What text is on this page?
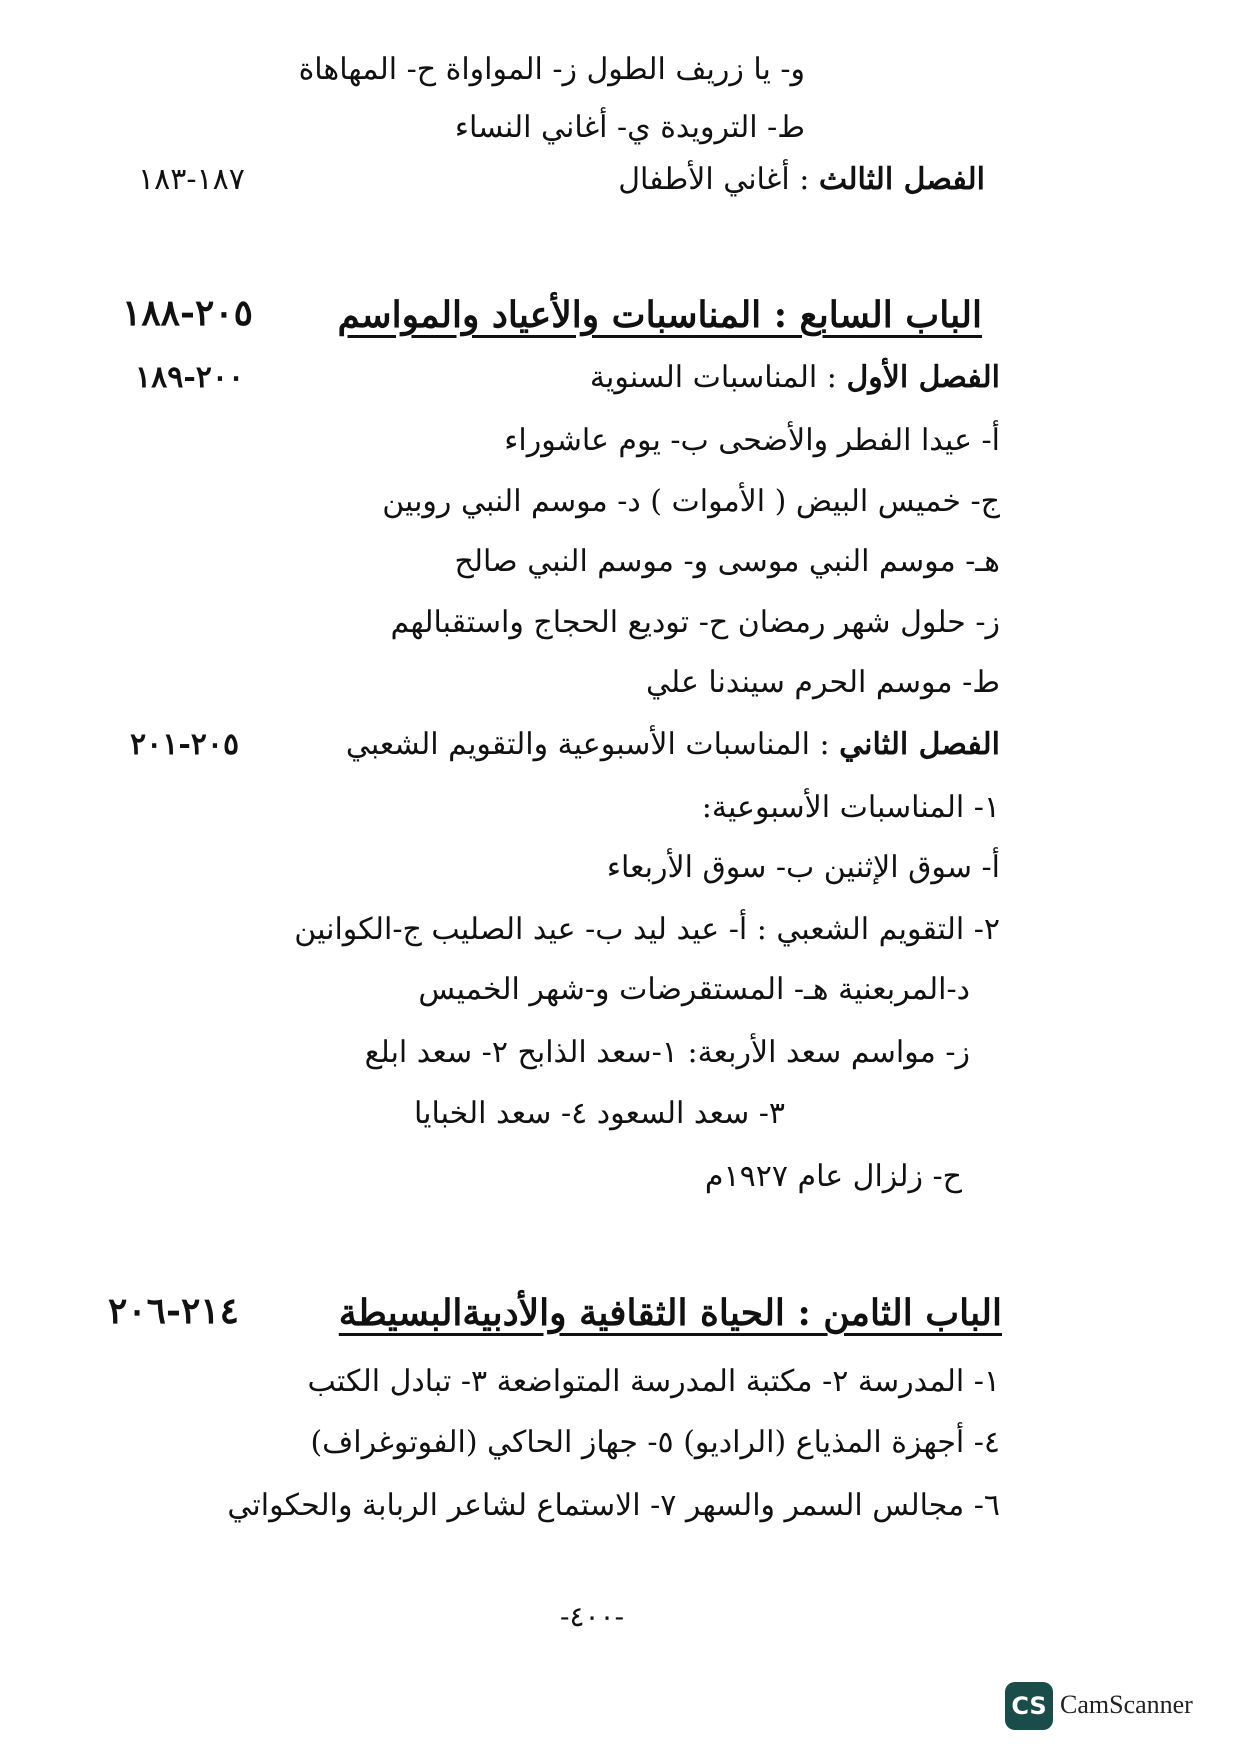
و- يا زريف الطول ز- المواواة ح- المهاهاة
ط- الترويدة ي- أغاني النساء
الفصل الثالث : أغاني الأطفال
١٨٧-١٨٣
الباب السابع : المناسبات والأعياد والمواسم
٢٠٥-١٨٨
الفصل الأول : المناسبات السنوية
٢٠٠-١٨٩
أ- عيدا الفطر والأضحى ب- يوم عاشوراء
ج- خميس البيض ( الأموات ) د- موسم النبي روبين
هـ- موسم النبي موسى و- موسم النبي صالح
ز- حلول شهر رمضان ح- توديع الحجاج واستقبالهم
ط- موسم الحرم سيندنا علي
الفصل الثاني : المناسبات الأسبوعية والتقويم الشعبي
٢٠٥-٢٠١
١- المناسبات الأسبوعية:
أ- سوق الإثنين ب- سوق الأربعاء
٢- التقويم الشعبي : أ- عيد ليد ب- عيد الصليب ج-الكوانين
د-المربعنية هـ- المستقرضات و-شهر الخميس
ز- مواسم سعد الأربعة: ١-سعد الذابح ٢- سعد ابلع
٣- سعد السعود ٤- سعد الخبايا
ح- زلزال عام ١٩٢٧م
الباب الثامن : الحياة الثقافية والأدبيةالبسيطة
٢١٤-٢٠٦
١- المدرسة ٢- مكتبة المدرسة المتواضعة ٣- تبادل الكتب
٤- أجهزة المذياع (الراديو) ٥- جهاز الحاكي (الفوتوغراف)
٦- مجالس السمر والسهر ٧- الاستماع لشاعر الربابة والحكواتي
-٤٠٠-
CS CamScanner
